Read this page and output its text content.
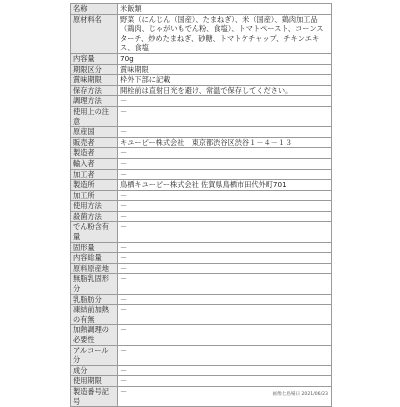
名称	米飯類
原材料名	野菜（にんじん（国産）、たまねぎ）、米（国産）、鶏肉加工品（鶏肉、じゃがいもでん粉、食塩）、トマトペースト、コーンスターチ、炒めたまねぎ、砂糖、トマトケチャップ、チキンエキス、食塩
内容量	70g
期限区分	賞味期限
賞味期限	枠外下部に記載
保存方法	開栓前は直射日光を避け、常温で保存してください。
調理方法	－
使用上の注意	－
原産国	－
販売者	キユーピー株式会社　東京都渋谷区渋谷１－４－１３
製造者	－
輸入者	－
加工者	－
製造所	鳥栖キユーピー株式会社 佐賀県鳥栖市田代外町701
加工所	－
使用方法	－
殺菌方法	－
でん粉含有量	－
固形量	－
内容総量	－
原料原産地	－
無脂乳固形分	－
乳脂肪分	－
凍結前加熱の有無	－
加熱調理の必要性	－
アルコール分	－
成分	－
使用期限	－
製造番号記号	－	画像七島場日 2021/06/23
